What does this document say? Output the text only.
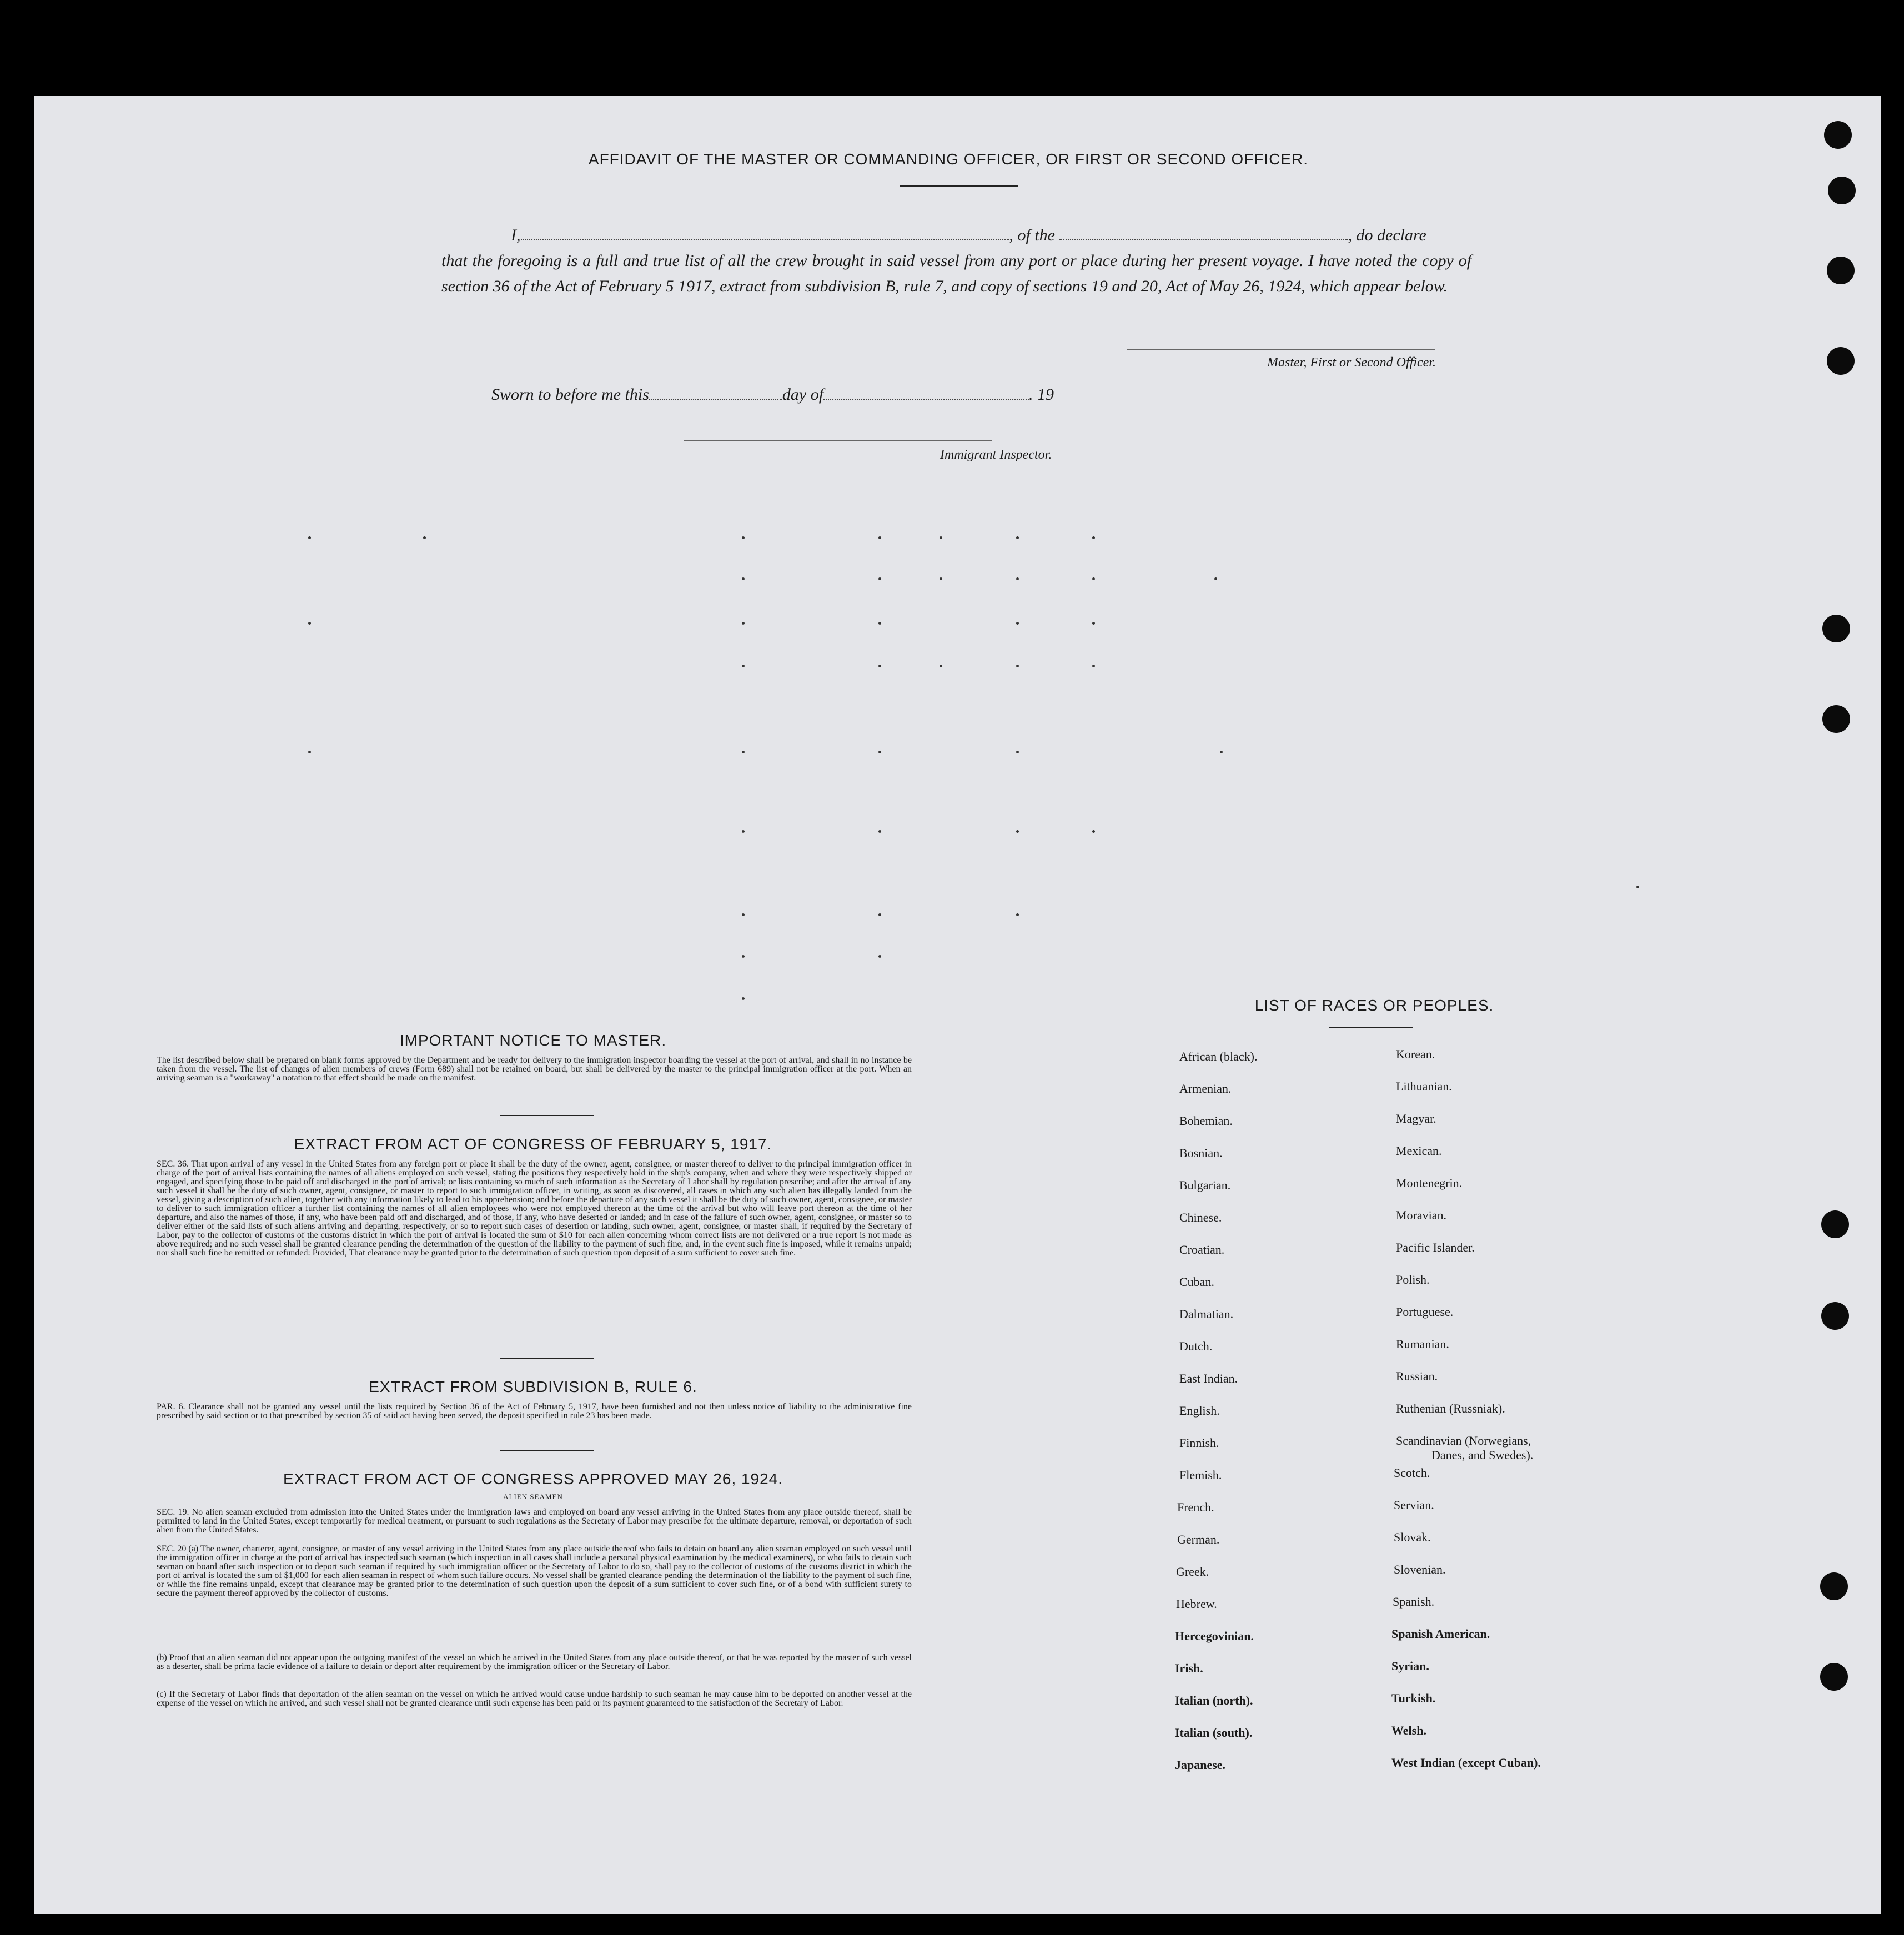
AFFIDAVIT OF THE MASTER OR COMMANDING OFFICER, OR FIRST OR SECOND OFFICER.
I,	, of the	, do declare
that the foregoing is a full and true list of all the crew brought in said vessel from any port or place during her present voyage. I have noted the copy of section 36 of the Act of February 5 1917, extract from subdivision B, rule 7, and copy of sections 19 and 20, Act of May 26, 1924, which appear below.
Master, First or Second Officer.
Sworn to before me this	day of	. 19
Immigrant Inspector.
IMPORTANT NOTICE TO MASTER.
The list described below shall be prepared on blank forms approved by the Department and be ready for delivery to the immigration inspector boarding the vessel at the port of arrival, and shall in no instance be taken from the vessel. The list of changes of alien members of crews (Form 689) shall not be retained on board, but shall be delivered by the master to the principal immigration officer at the port. When an arriving seaman is a "workaway" a notation to that effect should be made on the manifest.
EXTRACT FROM ACT OF CONGRESS OF FEBRUARY 5, 1917.
SEC. 36. That upon arrival of any vessel in the United States from any foreign port or place it shall be the duty of the owner, agent, consignee, or master thereof to deliver to the principal immigration officer in charge of the port of arrival lists containing the names of all aliens employed on such vessel, stating the positions they respectively hold in the ship's company, when and where they were respectively shipped or engaged, and specifying those to be paid off and discharged in the port of arrival; or lists containing so much of such information as the Secretary of Labor shall by regulation prescribe; and after the arrival of any such vessel it shall be the duty of such owner, agent, consignee, or master to report to such immigration officer, in writing, as soon as discovered, all cases in which any such alien has illegally landed from the vessel, giving a description of such alien, together with any information likely to lead to his apprehension; and before the departure of any such vessel it shall be the duty of such owner, agent, consignee, or master to deliver to such immigration officer a further list containing the names of all alien employees who were not employed thereon at the time of the arrival but who will leave port thereon at the time of her departure, and also the names of those, if any, who have been paid off and discharged, and of those, if any, who have deserted or landed; and in case of the failure of such owner, agent, consignee, or master so to deliver either of the said lists of such aliens arriving and departing, respectively, or so to report such cases of desertion or landing, such owner, agent, consignee, or master shall, if required by the Secretary of Labor, pay to the collector of customs of the customs district in which the port of arrival is located the sum of $10 for each alien concerning whom correct lists are not delivered or a true report is not made as above required; and no such vessel shall be granted clearance pending the determination of the question of the liability to the payment of such fine, and, in the event such fine is imposed, while it remains unpaid; nor shall such fine be remitted or refunded: Provided, That clearance may be granted prior to the determination of such question upon deposit of a sum sufficient to cover such fine.
EXTRACT FROM SUBDIVISION B, RULE 6.
PAR. 6. Clearance shall not be granted any vessel until the lists required by Section 36 of the Act of February 5, 1917, have been furnished and not then unless notice of liability to the administrative fine prescribed by said section or to that prescribed by section 35 of said act having been served, the deposit specified in rule 23 has been made.
EXTRACT FROM ACT OF CONGRESS APPROVED MAY 26, 1924.
ALIEN SEAMEN
SEC. 19. No alien seaman excluded from admission into the United States under the immigration laws and employed on board any vessel arriving in the United States from any place outside thereof, shall be permitted to land in the United States, except temporarily for medical treatment, or pursuant to such regulations as the Secretary of Labor may prescribe for the ultimate departure, removal, or deportation of such alien from the United States.
SEC. 20 (a) The owner, charterer, agent, consignee, or master of any vessel arriving in the United States from any place outside thereof who fails to detain on board any alien seaman employed on such vessel until the immigration officer in charge at the port of arrival has inspected such seaman (which inspection in all cases shall include a personal physical examination by the medical examiners), or who fails to detain such seaman on board after such inspection or to deport such seaman if required by such immigration officer or the Secretary of Labor to do so, shall pay to the collector of customs of the customs district in which the port of arrival is located the sum of $1,000 for each alien seaman in respect of whom such failure occurs. No vessel shall be granted clearance pending the determination of the liability to the payment of such fine, or while the fine remains unpaid, except that clearance may be granted prior to the determination of such question upon the deposit of a sum sufficient to cover such fine, or of a bond with sufficient surety to secure the payment thereof approved by the collector of customs.
(b) Proof that an alien seaman did not appear upon the outgoing manifest of the vessel on which he arrived in the United States from any place outside thereof, or that he was reported by the master of such vessel as a deserter, shall be prima facie evidence of a failure to detain or deport after requirement by the immigration officer or the Secretary of Labor.
(c) If the Secretary of Labor finds that deportation of the alien seaman on the vessel on which he arrived would cause undue hardship to such seaman he may cause him to be deported on another vessel at the expense of the vessel on which he arrived, and such vessel shall not be granted clearance until such expense has been paid or its payment guaranteed to the satisfaction of the Secretary of Labor.
LIST OF RACES OR PEOPLES.
African (black).
Armenian.
Bohemian.
Bosnian.
Bulgarian.
Chinese.
Croatian.
Cuban.
Dalmatian.
Dutch.
East Indian.
English.
Finnish.
Flemish.
French.
German.
Greek.
Hebrew.
Hercegovinian.
Irish.
Italian (north).
Italian (south).
Japanese.
Korean.
Lithuanian.
Magyar.
Mexican.
Montenegrin.
Moravian.
Pacific Islander.
Polish.
Portuguese.
Rumanian.
Russian.
Ruthenian (Russniak).
Scandinavian (Norwegians,
Danes, and Swedes).
Scotch.
Servian.
Slovak.
Slovenian.
Spanish.
Spanish American.
Syrian.
Turkish.
Welsh.
West Indian (except Cuban).
